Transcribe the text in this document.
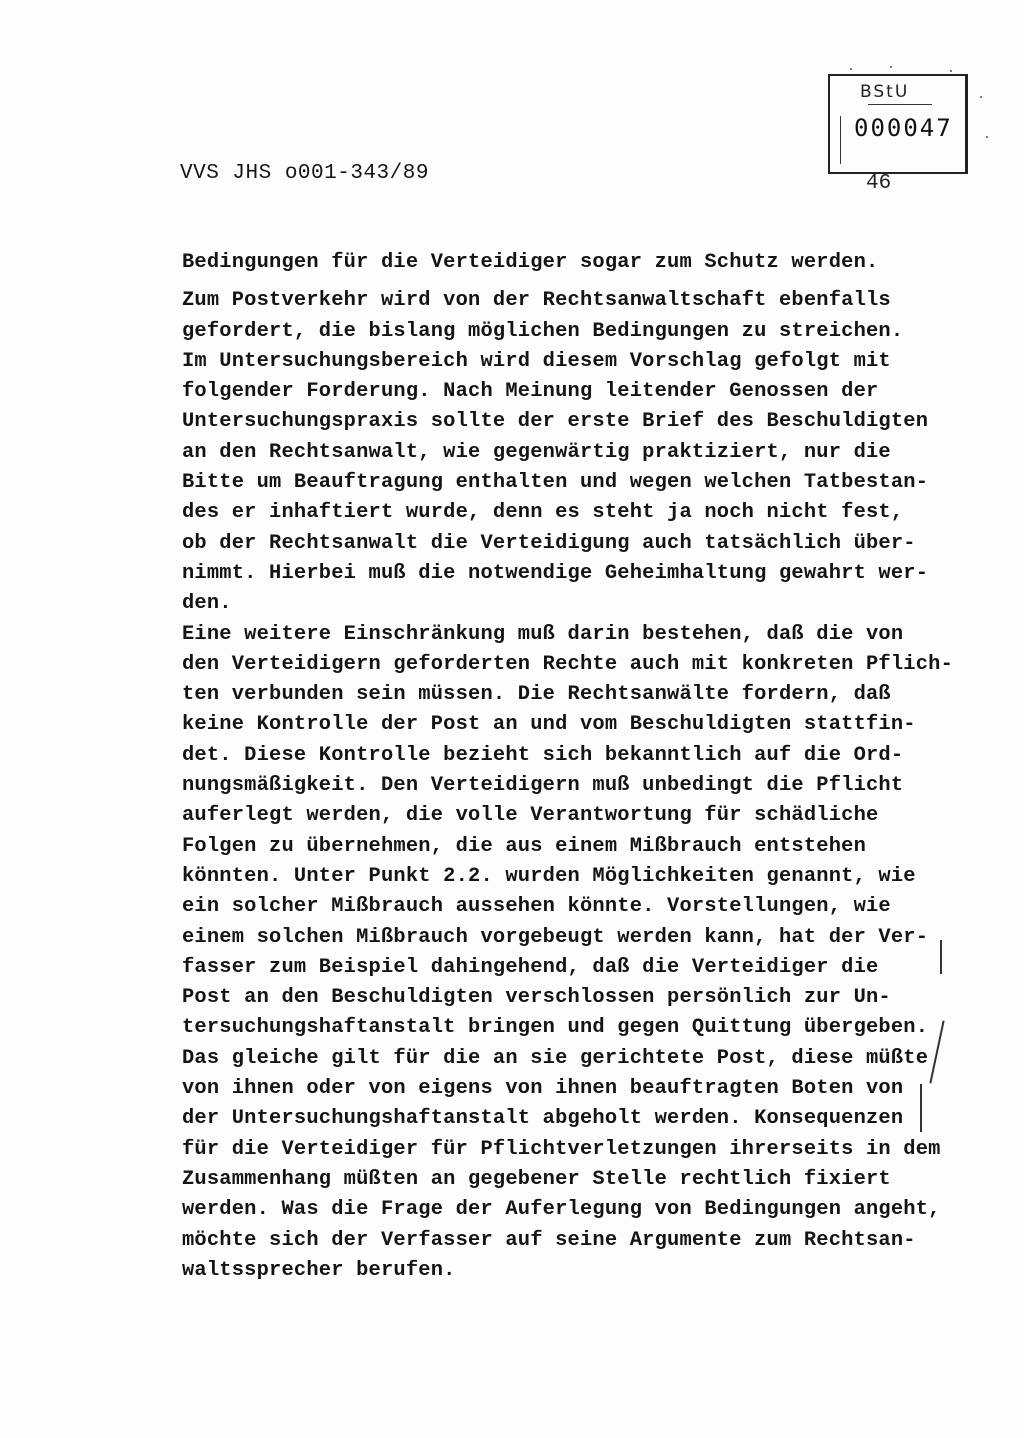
BStU
000047
46
VVS JHS o001-343/89
Bedingungen für die Verteidiger sogar zum Schutz werden.
Zum Postverkehr wird von der Rechtsanwaltschaft ebenfalls
gefordert, die bislang möglichen Bedingungen zu streichen.
Im Untersuchungsbereich wird diesem Vorschlag gefolgt mit
folgender Forderung. Nach Meinung leitender Genossen der
Untersuchungspraxis sollte der erste Brief des Beschuldigten
an den Rechtsanwalt, wie gegenwärtig praktiziert, nur die
Bitte um Beauftragung enthalten und wegen welchen Tatbestan-
des er inhaftiert wurde, denn es steht ja noch nicht fest,
ob der Rechtsanwalt die Verteidigung auch tatsächlich über-
nimmt. Hierbei muß die notwendige Geheimhaltung gewahrt wer-
den.
Eine weitere Einschränkung muß darin bestehen, daß die von
den Verteidigern geforderten Rechte auch mit konkreten Pflich-
ten verbunden sein müssen. Die Rechtsanwälte fordern, daß
keine Kontrolle der Post an und vom Beschuldigten stattfin-
det. Diese Kontrolle bezieht sich bekanntlich auf die Ord-
nungsmäßigkeit. Den Verteidigern muß unbedingt die Pflicht
auferlegt werden, die volle Verantwortung für schädliche
Folgen zu übernehmen, die aus einem Mißbrauch entstehen
könnten. Unter Punkt 2.2. wurden Möglichkeiten genannt, wie
ein solcher Mißbrauch aussehen könnte. Vorstellungen, wie
einem solchen Mißbrauch vorgebeugt werden kann, hat der Ver-
fasser zum Beispiel dahingehend, daß die Verteidiger die
Post an den Beschuldigten verschlossen persönlich zur Un-
tersuchungshaftanstalt bringen und gegen Quittung übergeben.
Das gleiche gilt für die an sie gerichtete Post, diese müßte
von ihnen oder von eigens von ihnen beauftragten Boten von
der Untersuchungshaftanstalt abgeholt werden. Konsequenzen
für die Verteidiger für Pflichtverletzungen ihrerseits in dem
Zusammenhang müßten an gegebener Stelle rechtlich fixiert
werden. Was die Frage der Auferlegung von Bedingungen angeht,
möchte sich der Verfasser auf seine Argumente zum Rechtsan-
waltssprecher berufen.
